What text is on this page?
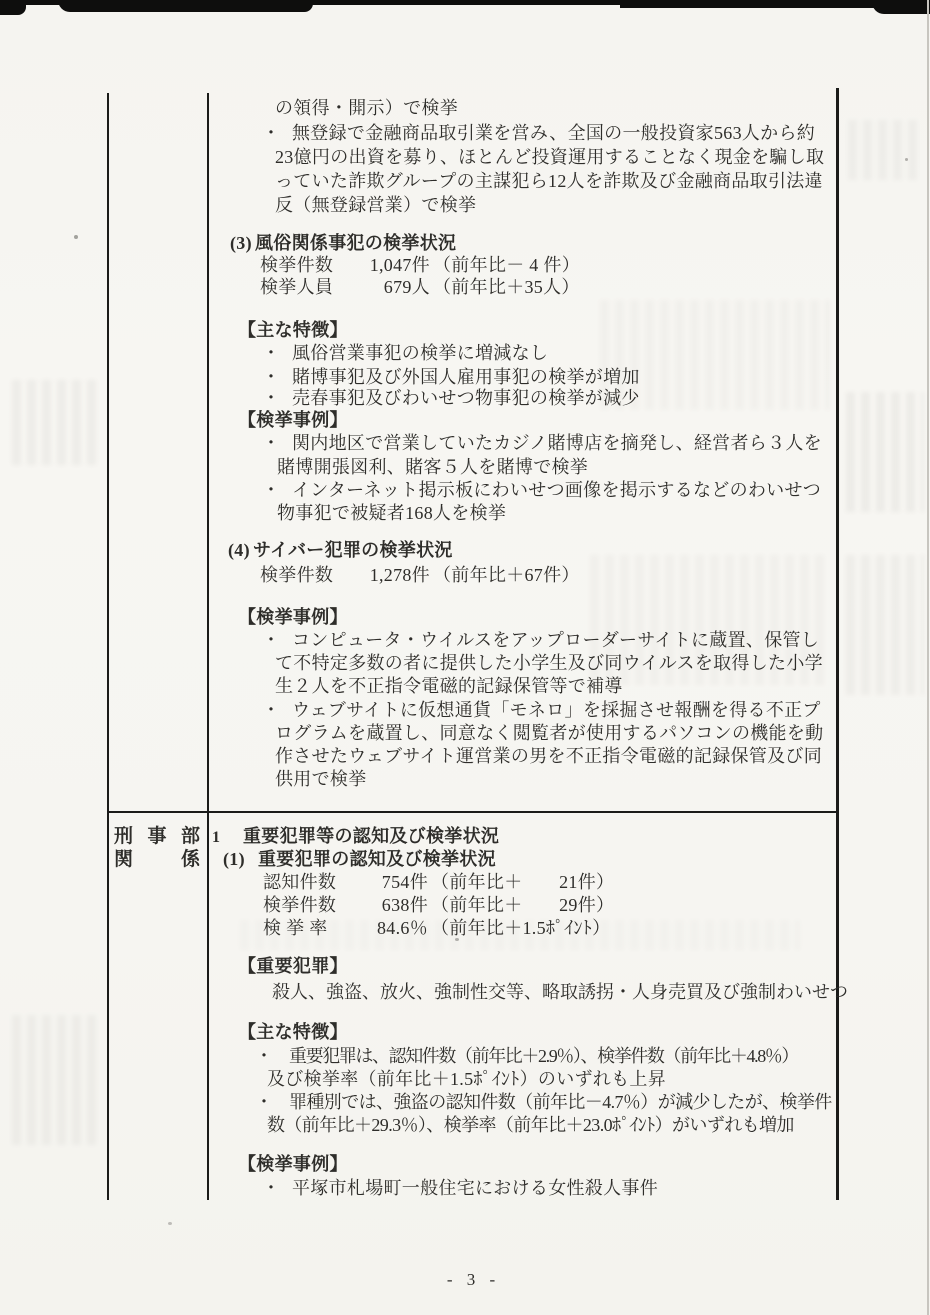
の領得・開示）で検挙
・ 無登録で金融商品取引業を営み、全国の一般投資家563人から約
23億円の出資を募り、ほとんど投資運用することなく現金を騙し取
っていた詐欺グループの主謀犯ら12人を詐欺及び金融商品取引法違
反（無登録営業）で検挙
(3) 風俗関係事犯の検挙状況
検挙件数 1,047件 （前年比－ 4 件）
検挙人員	679人 （前年比＋35人）
【主な特徴】
・ 風俗営業事犯の検挙に増減なし
・ 賭博事犯及び外国人雇用事犯の検挙が増加
・ 売春事犯及びわいせつ物事犯の検挙が減少
【検挙事例】
・ 関内地区で営業していたカジノ賭博店を摘発し、経営者ら３人を
賭博開張図利、賭客５人を賭博で検挙
・ インターネット掲示板にわいせつ画像を掲示するなどのわいせつ
物事犯で被疑者168人を検挙
(4) サイバー犯罪の検挙状況
検挙件数 1,278件 （前年比＋67件）
【検挙事例】
・ コンピュータ・ウイルスをアップローダーサイトに蔵置、保管し
て不特定多数の者に提供した小学生及び同ウイルスを取得した小学
生２人を不正指令電磁的記録保管等で補導
・ ウェブサイトに仮想通貨「モネロ」を採掘させ報酬を得る不正プ
ログラムを蔵置し、同意なく閲覧者が使用するパソコンの機能を動
作させたウェブサイト運営業の男を不正指令電磁的記録保管及び同
供用で検挙
刑 事 部
関	係
1 重要犯罪等の認知及び検挙状況
(1) 重要犯罪の認知及び検挙状況
認知件数	754件 （前年比＋　　21件）
検挙件数	638件 （前年比＋　　29件）
検 挙 率	84.6％ （前年比＋1.5ﾎﾟｲﾝﾄ）
【重要犯罪】
殺人、強盗、放火、強制性交等、略取誘拐・人身売買及び強制わいせつ
【主な特徴】
・ 重要犯罪は、認知件数（前年比＋2.9％）、検挙件数（前年比＋4.8％）
及び検挙率（前年比＋1.5ﾎﾟｲﾝﾄ）のいずれも上昇
・ 罪種別では、強盗の認知件数（前年比－4.7％）が減少したが、検挙件
数（前年比＋29.3％）、検挙率（前年比＋23.0ﾎﾟｲﾝﾄ）がいずれも増加
【検挙事例】
・ 平塚市札場町一般住宅における女性殺人事件
- 3 -
